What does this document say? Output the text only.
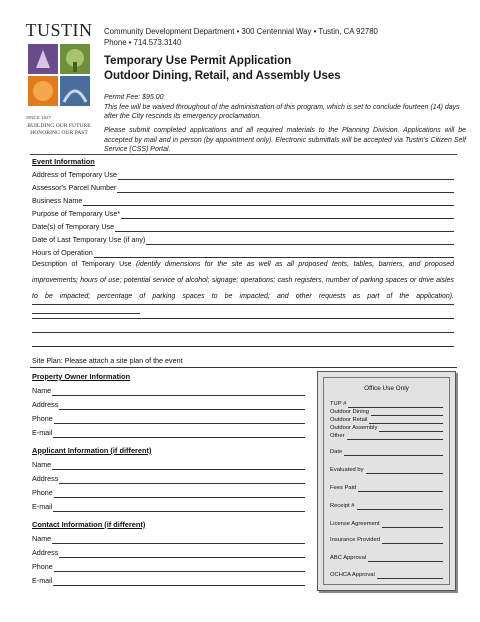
TUSTIN
SINCE 1927
BUILDING OUR FUTURE
HONORING OUR PAST
Community Development Department • 300 Centennial Way • Tustin, CA 92780
Phone • 714.573.3140
Temporary Use Permit Application
Outdoor Dining, Retail, and Assembly Uses
Permit Fee: $95.00
This fee will be waived throughout of the administration of this program, which is set to conclude fourteen (14) days after the City rescinds its emergency proclamation.
Please submit completed applications and all required materials to the Planning Division. Applications will be accepted by mail and in person (by appointment only). Electronic submittals will be accepted via Tustin's Citizen Self Service (CSS) Portal.
Event Information
Address of Temporary Use
Assessor's Parcel Number
Business Name
Purpose of Temporary Use*
Date(s) of Temporary Use
Date of Last Temporary Use (if any)
Hours of Operation
Description of Temporary Use (identify dimensions for the site as well as all proposed tents, tables, barriers, and proposed improvements; hours of use; potential service of alcohol; signage; operations; cash registers, number of parking spaces or drive aisles to be impacted; percentage of parking spaces to be impacted; and other requests as part of the application).
Site Plan: Please attach a site plan of the event
Property Owner Information
Name
Address
Phone
E-mail
Applicant Information (if different)
Name
Address
Phone
E-mail
Contact Information (if different)
Name
Address
Phone
E-mail
Office Use Only
TUP #
Outdoor Dining
Outdoor Retail
Outdoor Assembly
Other
Date
Evaluated by
Fees Paid
Receipt #
License Agreement
Insurance Provided
ABC Approval
OCHCA Approval
